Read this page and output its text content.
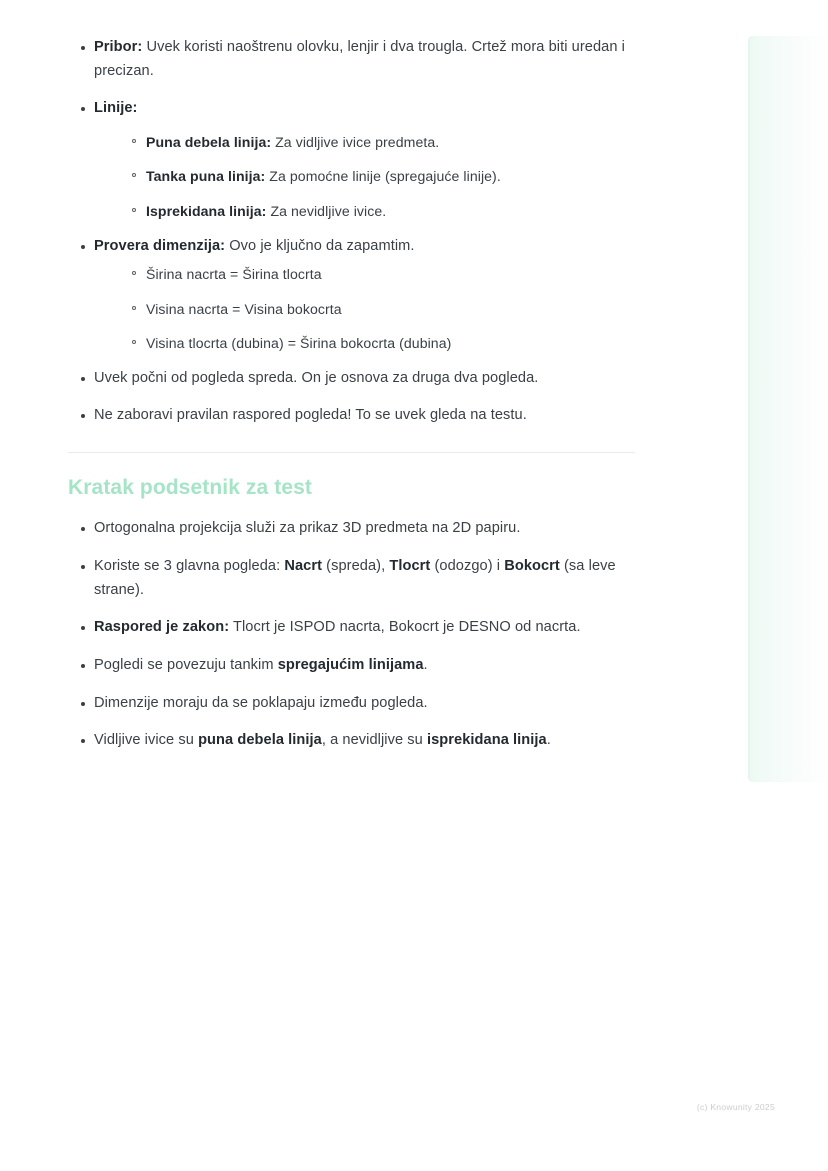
Pribor: Uvek koristi naoštrenu olovku, lenjir i dva trougla. Crtež mora biti uredan i precizan.
Linije:
Puna debela linija: Za vidljive ivice predmeta.
Tanka puna linija: Za pomoćne linije (spregajuće linije).
Isprekidana linija: Za nevidljive ivice.
Provera dimenzija: Ovo je ključno da zapamtim.
Širina nacrta = Širina tlocrta
Visina nacrta = Visina bokocrta
Visina tlocrta (dubina) = Širina bokocrta (dubina)
Uvek počni od pogleda spreda. On je osnova za druga dva pogleda.
Ne zaboravi pravilan raspored pogleda! To se uvek gleda na testu.
Kratak podsetnik za test
Ortogonalna projekcija služi za prikaz 3D predmeta na 2D papiru.
Koriste se 3 glavna pogleda: Nacrt (spreda), Tlocrt (odozgo) i Bokocrt (sa leve strane).
Raspored je zakon: Tlocrt je ISPOD nacrta, Bokocrt je DESNO od nacrta.
Pogledi se povezuju tankim spregajućim linijama.
Dimenzije moraju da se poklapaju između pogleda.
Vidljive ivice su puna debela linija, a nevidljive su isprekidana linija.
(c) Knowunity 2025
